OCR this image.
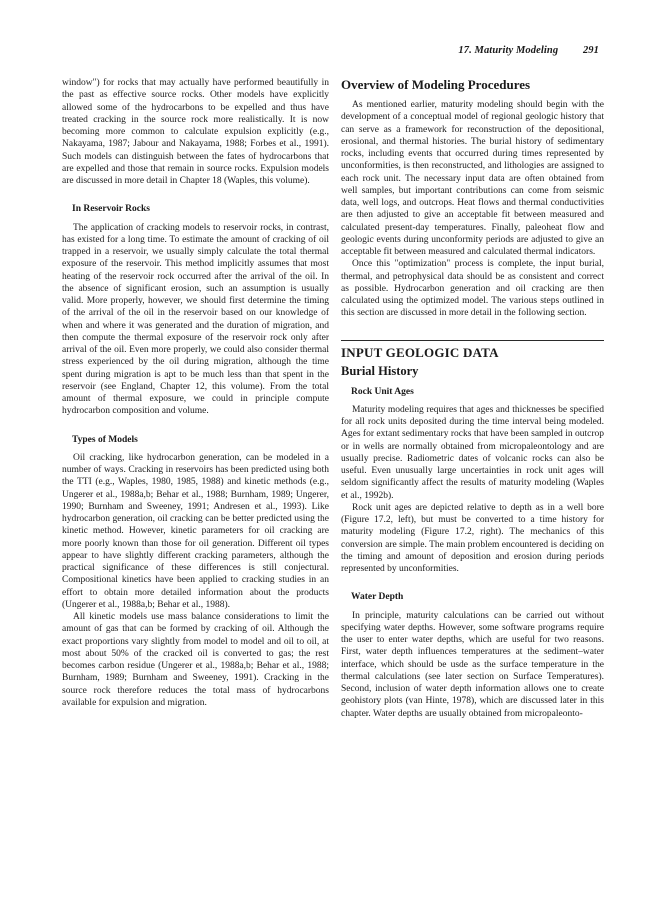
17. Maturity Modeling 291

window") for rocks that may actually have performed beautifully in the past as effective source rocks. Other models have explicitly allowed some of the hydrocarbons to be expelled and thus have treated cracking in the source rock more realistically. It is now becoming more common to calculate expulsion explicitly (e.g., Nakayama, 1987; Jabour and Nakayama, 1988; Forbes et al., 1991). Such models can distinguish between the fates of hydrocarbons that are expelled and those that remain in source rocks. Expulsion models are discussed in more detail in Chapter 18 (Waples, this volume).

In Reservoir Rocks

The application of cracking models to reservoir rocks, in contrast, has existed for a long time. To estimate the amount of cracking of oil trapped in a reservoir, we usually simply calculate the total thermal exposure of the reservoir. This method implicitly assumes that most heating of the reservoir rock occurred after the arrival of the oil. In the absence of significant erosion, such an assumption is usually valid. More properly, however, we should first determine the timing of the arrival of the oil in the reservoir based on our knowledge of when and where it was generated and the duration of migration, and then compute the thermal exposure of the reservoir rock only after arrival of the oil. Even more properly, we could also consider thermal stress experienced by the oil during migration, although the time spent during migration is apt to be much less than that spent in the reservoir (see England, Chapter 12, this volume). From the total amount of thermal exposure, we could in principle compute hydrocarbon composition and volume.

Types of Models

Oil cracking, like hydrocarbon generation, can be modeled in a number of ways. Cracking in reservoirs has been predicted using both the TTI (e.g., Waples, 1980, 1985, 1988) and kinetic methods (e.g., Ungerer et al., 1988a,b; Behar et al., 1988; Burnham, 1989; Ungerer, 1990; Burnham and Sweeney, 1991; Andresen et al., 1993). Like hydrocarbon generation, oil cracking can be better predicted using the kinetic method. However, kinetic parameters for oil cracking are more poorly known than those for oil generation. Different oil types appear to have slightly different cracking parameters, although the practical significance of these differences is still conjectural. Compositional kinetics have been applied to cracking studies in an effort to obtain more detailed information about the products (Ungerer et al., 1988a,b; Behar et al., 1988).

All kinetic models use mass balance considerations to limit the amount of gas that can be formed by cracking of oil. Although the exact proportions vary slightly from model to model and oil to oil, at most about 50% of the cracked oil is converted to gas; the rest becomes carbon residue (Ungerer et al., 1988a,b; Behar et al., 1988; Burnham, 1989; Burnham and Sweeney, 1991). Cracking in the source rock therefore reduces the total mass of hydrocarbons available for expulsion and migration.

Overview of Modeling Procedures

As mentioned earlier, maturity modeling should begin with the development of a conceptual model of regional geologic history that can serve as a framework for reconstruction of the depositional, erosional, and thermal histories. The burial history of sedimentary rocks, including events that occurred during times represented by unconformities, is then reconstructed, and lithologies are assigned to each rock unit. The necessary input data are often obtained from well samples, but important contributions can come from seismic data, well logs, and outcrops. Heat flows and thermal conductivities are then adjusted to give an acceptable fit between measured and calculated present-day temperatures. Finally, paleoheat flow and geologic events during unconformity periods are adjusted to give an acceptable fit between measured and calculated thermal indicators.

Once this "optimization" process is complete, the input burial, thermal, and petrophysical data should be as consistent and correct as possible. Hydrocarbon generation and oil cracking are then calculated using the optimized model. The various steps outlined in this section are discussed in more detail in the following section.

INPUT GEOLOGIC DATA
Burial History
Rock Unit Ages

Maturity modeling requires that ages and thicknesses be specified for all rock units deposited during the time interval being modeled. Ages for extant sedimentary rocks that have been sampled in outcrop or in wells are normally obtained from micropaleontology and are usually precise. Radiometric dates of volcanic rocks can also be useful. Even unusually large uncertainties in rock unit ages will seldom significantly affect the results of maturity modeling (Waples et al., 1992b).

Rock unit ages are depicted relative to depth as in a well bore (Figure 17.2, left), but must be converted to a time history for maturity modeling (Figure 17.2, right). The mechanics of this conversion are simple. The main problem encountered is deciding on the timing and amount of deposition and erosion during periods represented by unconformities.

Water Depth

In principle, maturity calculations can be carried out without specifying water depths. However, some software programs require the user to enter water depths, which are useful for two reasons. First, water depth influences temperatures at the sediment–water interface, which should be usde as the surface temperature in the thermal calculations (see later section on Surface Temperatures). Second, inclusion of water depth information allows one to create geohistory plots (van Hinte, 1978), which are discussed later in this chapter. Water depths are usually obtained from micropaleonto-
